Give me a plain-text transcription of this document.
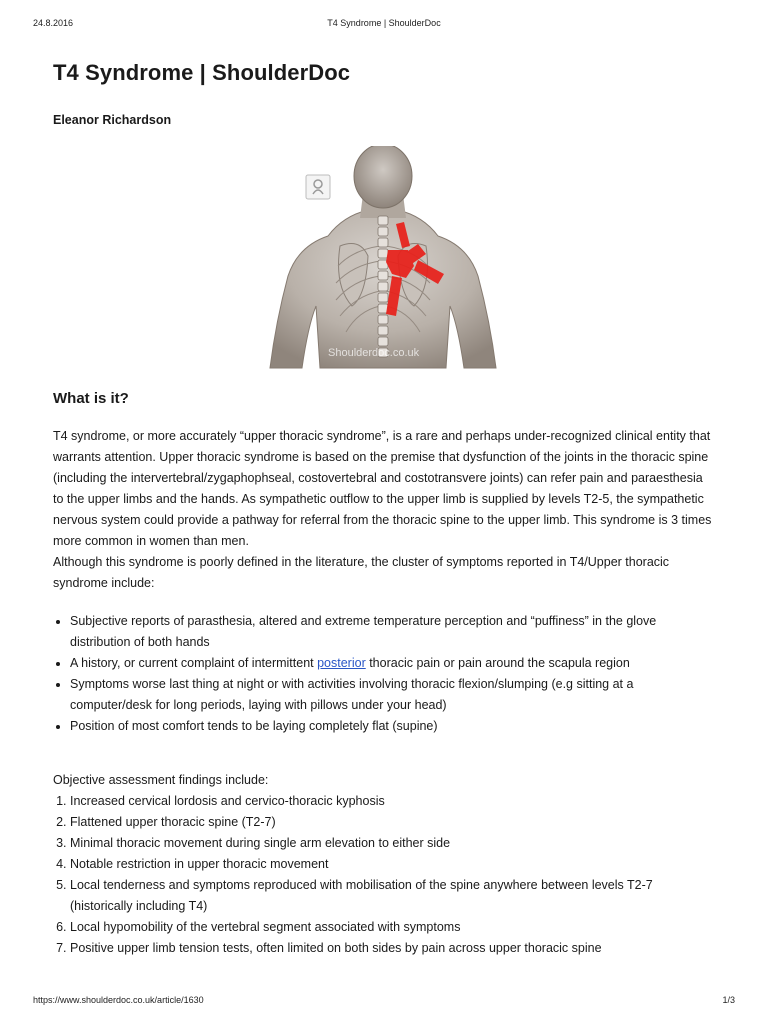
24.8.2016	T4 Syndrome | ShoulderDoc
T4 Syndrome | ShoulderDoc
Eleanor Richardson
Shoulderdoc.co.uk
What is it?

T4 syndrome, or more accurately “upper thoracic syndrome”, is a rare and perhaps under-recognized clinical entity that warrants attention. Upper thoracic syndrome is based on the premise that dysfunction of the joints in the thoracic spine (including the intervertebral/zygaphophseal, costovertebral and costotransvere joints) can refer pain and paraesthesia to the upper limbs and the hands. As sympathetic outflow to the upper limb is supplied by levels T2-5, the sympathetic nervous system could provide a pathway for referral from the thoracic spine to the upper limb. This syndrome is 3 times more common in women than men.

Although this syndrome is poorly defined in the literature, the cluster of symptoms reported in T4/Upper thoracic syndrome include:

• Subjective reports of parasthesia, altered and extreme temperature perception and “puffiness” in the glove distribution of both hands
• A history, or current complaint of intermittent posterior thoracic pain or pain around the scapula region
• Symptoms worse last thing at night or with activities involving thoracic flexion/slumping (e.g sitting at a computer/desk for long periods, laying with pillows under your head)
• Position of most comfort tends to be laying completely flat (supine)

Objective assessment findings include:

1. Increased cervical lordosis and cervico-thoracic kyphosis
2. Flattened upper thoracic spine (T2-7)
3. Minimal thoracic movement during single arm elevation to either side
4. Notable restriction in upper thoracic movement
5. Local tenderness and symptoms reproduced with mobilisation of the spine anywhere between levels T2-7 (historically including T4)
6. Local hypomobility of the vertebral segment associated with symptoms
7. Positive upper limb tension tests, often limited on both sides by pain across upper thoracic spine
https://www.shoulderdoc.co.uk/article/1630	1/3
